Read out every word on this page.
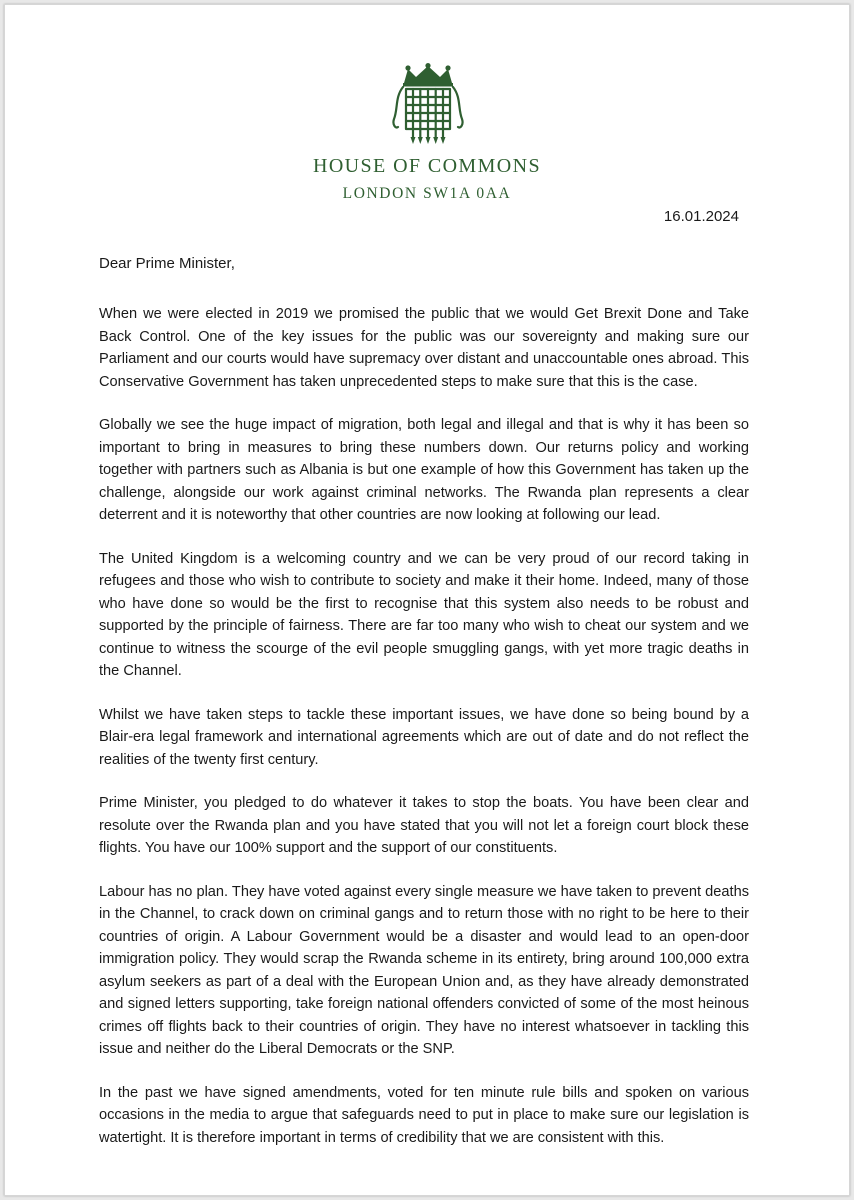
HOUSE OF COMMONS
LONDON SW1A 0AA
16.01.2024
Dear Prime Minister,

When we were elected in 2019 we promised the public that we would Get Brexit Done and Take Back Control. One of the key issues for the public was our sovereignty and making sure our Parliament and our courts would have supremacy over distant and unaccountable ones abroad. This Conservative Government has taken unprecedented steps to make sure that this is the case.

Globally we see the huge impact of migration, both legal and illegal and that is why it has been so important to bring in measures to bring these numbers down. Our returns policy and working together with partners such as Albania is but one example of how this Government has taken up the challenge, alongside our work against criminal networks. The Rwanda plan represents a clear deterrent and it is noteworthy that other countries are now looking at following our lead.

The United Kingdom is a welcoming country and we can be very proud of our record taking in refugees and those who wish to contribute to society and make it their home. Indeed, many of those who have done so would be the first to recognise that this system also needs to be robust and supported by the principle of fairness. There are far too many who wish to cheat our system and we continue to witness the scourge of the evil people smuggling gangs, with yet more tragic deaths in the Channel.

Whilst we have taken steps to tackle these important issues, we have done so being bound by a Blair-era legal framework and international agreements which are out of date and do not reflect the realities of the twenty first century.

Prime Minister, you pledged to do whatever it takes to stop the boats. You have been clear and resolute over the Rwanda plan and you have stated that you will not let a foreign court block these flights. You have our 100% support and the support of our constituents.

Labour has no plan. They have voted against every single measure we have taken to prevent deaths in the Channel, to crack down on criminal gangs and to return those with no right to be here to their countries of origin. A Labour Government would be a disaster and would lead to an open-door immigration policy. They would scrap the Rwanda scheme in its entirety, bring around 100,000 extra asylum seekers as part of a deal with the European Union and, as they have already demonstrated and signed letters supporting, take foreign national offenders convicted of some of the most heinous crimes off flights back to their countries of origin. They have no interest whatsoever in tackling this issue and neither do the Liberal Democrats or the SNP.

In the past we have signed amendments, voted for ten minute rule bills and spoken on various occasions in the media to argue that safeguards need to put in place to make sure our legislation is watertight. It is therefore important in terms of credibility that we are consistent with this.
